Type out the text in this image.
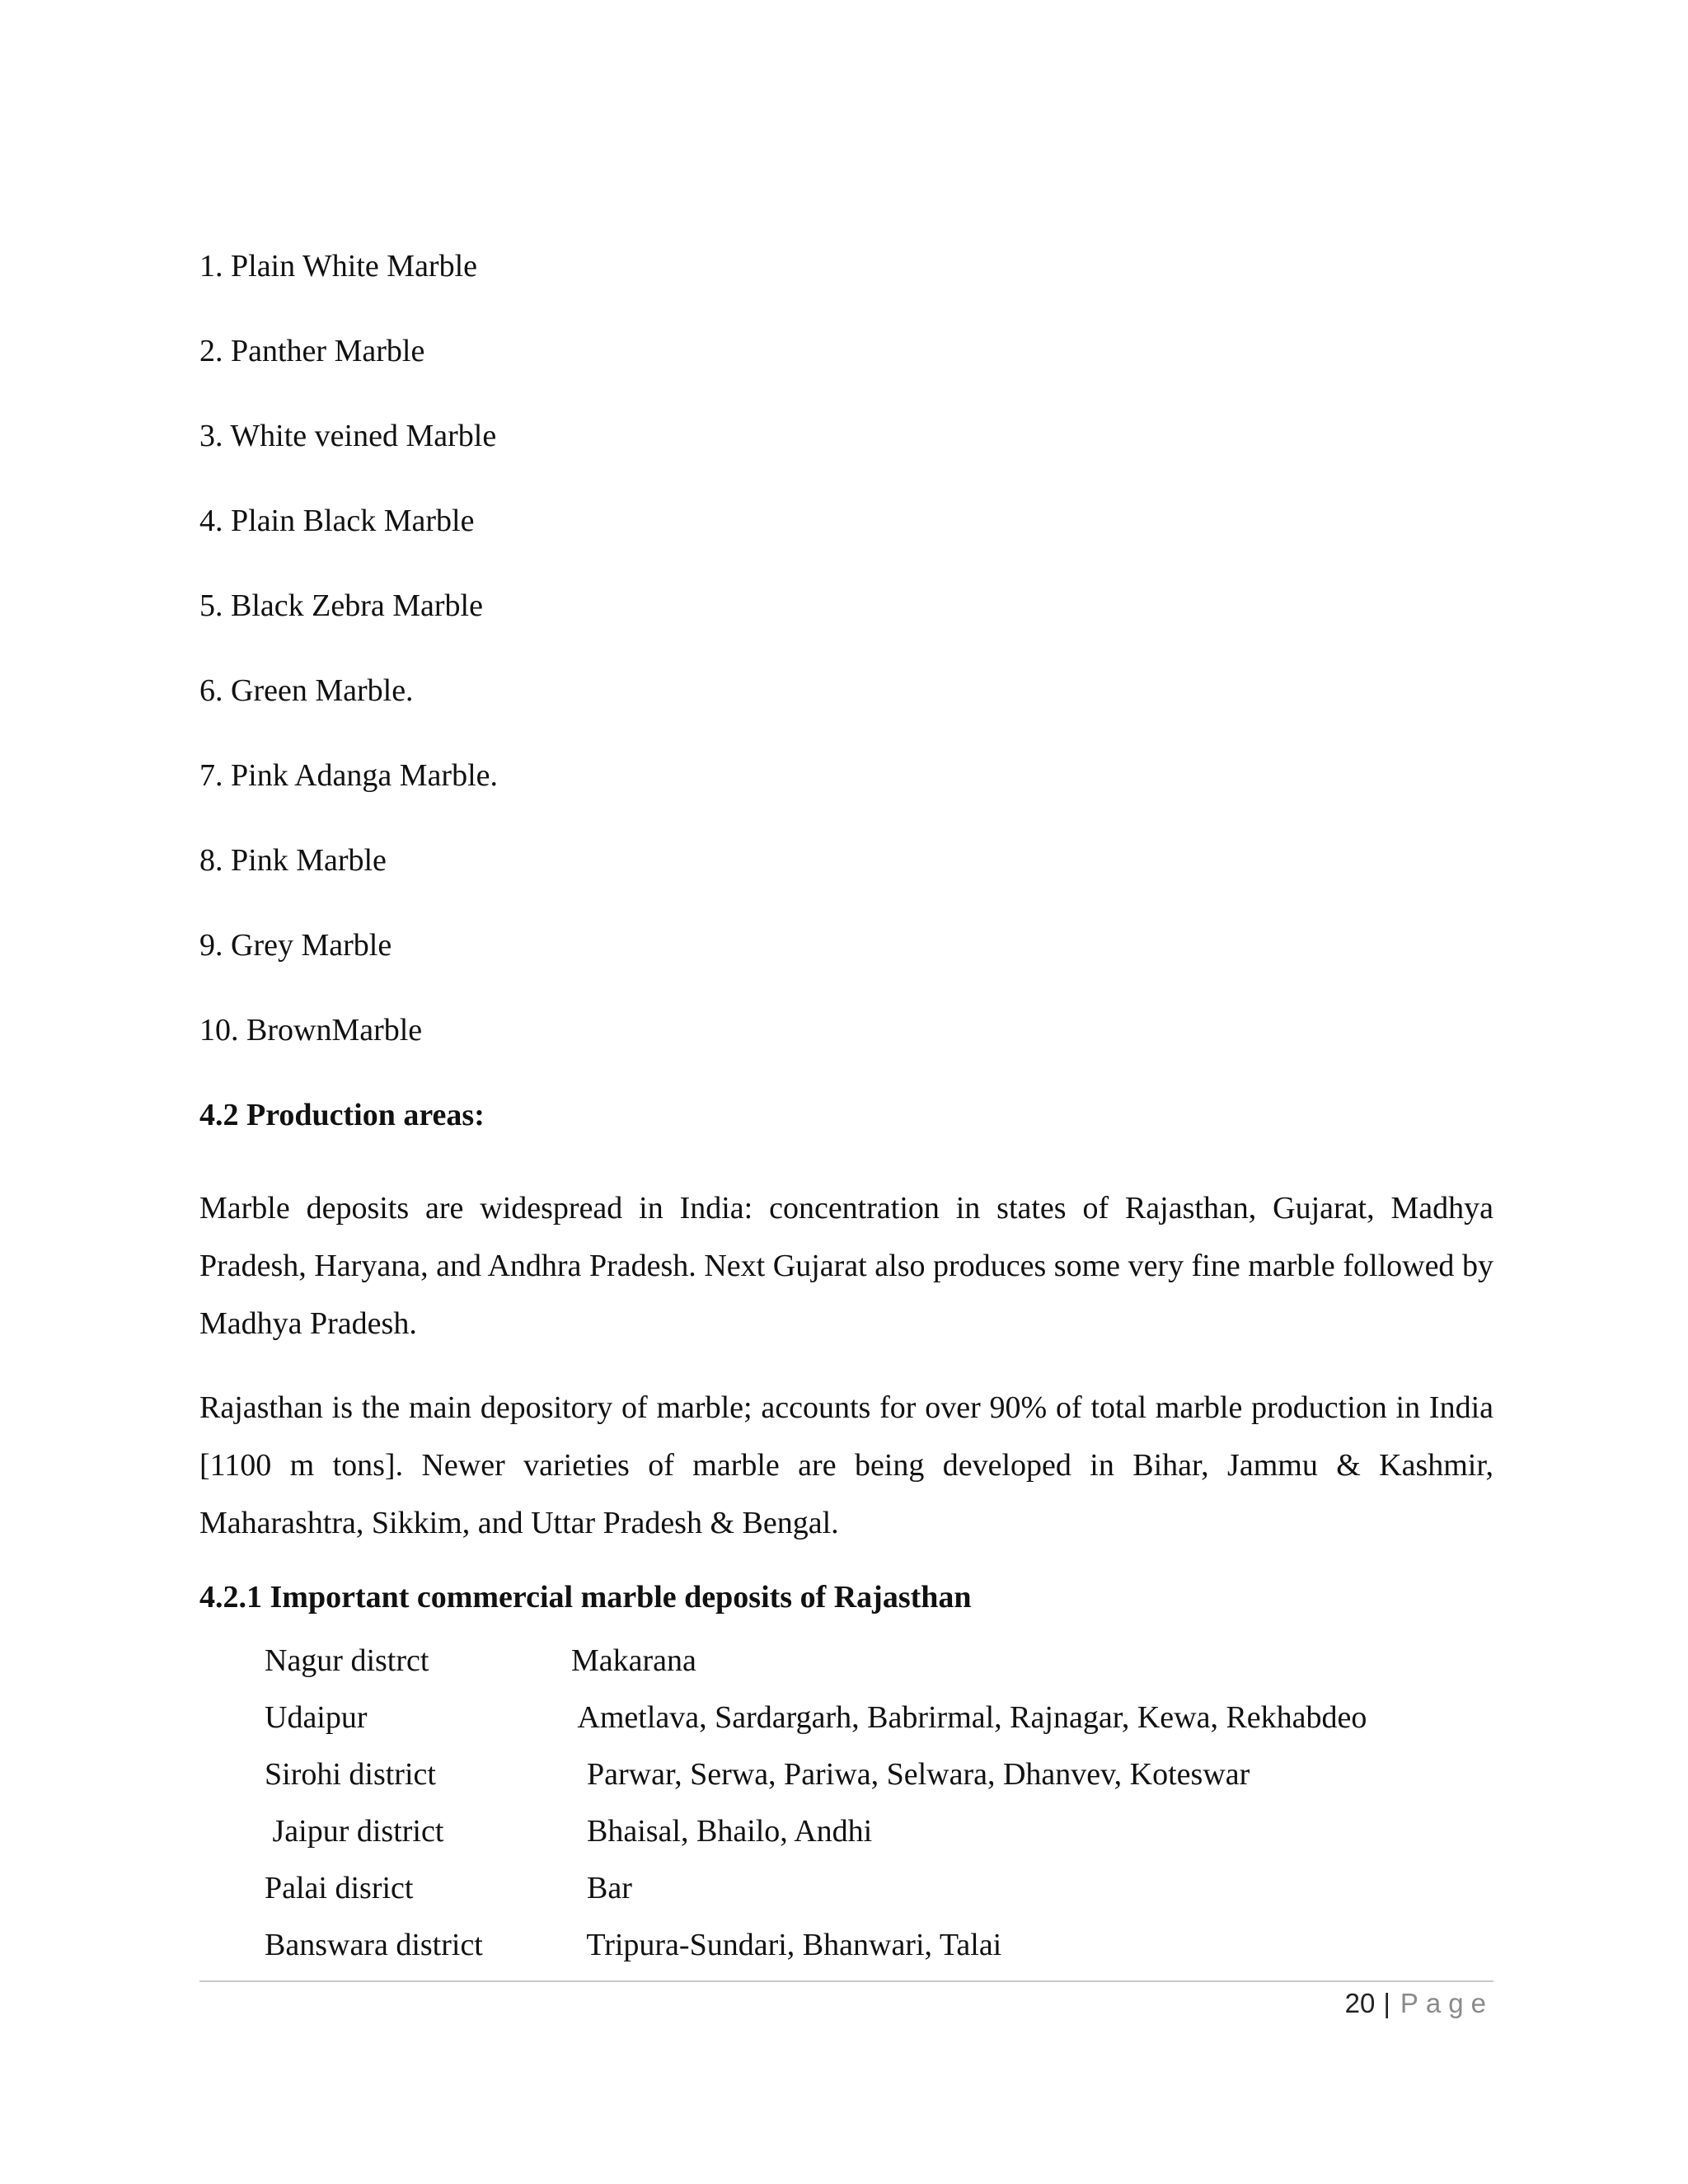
1. Plain White Marble

2. Panther Marble

3. White veined Marble

4. Plain Black Marble

5. Black Zebra Marble

6. Green Marble.

7. Pink Adanga Marble.

8. Pink Marble

9. Grey Marble

10. BrownMarble

4.2 Production areas:

Marble deposits are widespread in India: concentration in states of Rajasthan, Gujarat, Madhya Pradesh, Haryana, and Andhra Pradesh. Next Gujarat also produces some very fine marble followed by Madhya Pradesh.

Rajasthan is the main depository of marble; accounts for over 90% of total marble production in India [1100 m tons]. Newer varieties of marble are being developed in Bihar, Jammu & Kashmir, Maharashtra, Sikkim, and Uttar Pradesh & Bengal.

4.2.1 Important commercial marble deposits of Rajasthan
Nagur distrct	Makarana
Udaipur	Ametlava, Sardargarh, Babrirmal, Rajnagar, Kewa, Rekhabdeo
Sirohi district	Parwar, Serwa, Pariwa, Selwara, Dhanvev, Koteswar
Jaipur district	Bhaisal, Bhailo, Andhi
Palai disrict	Bar
Banswara district	Tripura-Sundari, Bhanwari, Talai
20 | Page
